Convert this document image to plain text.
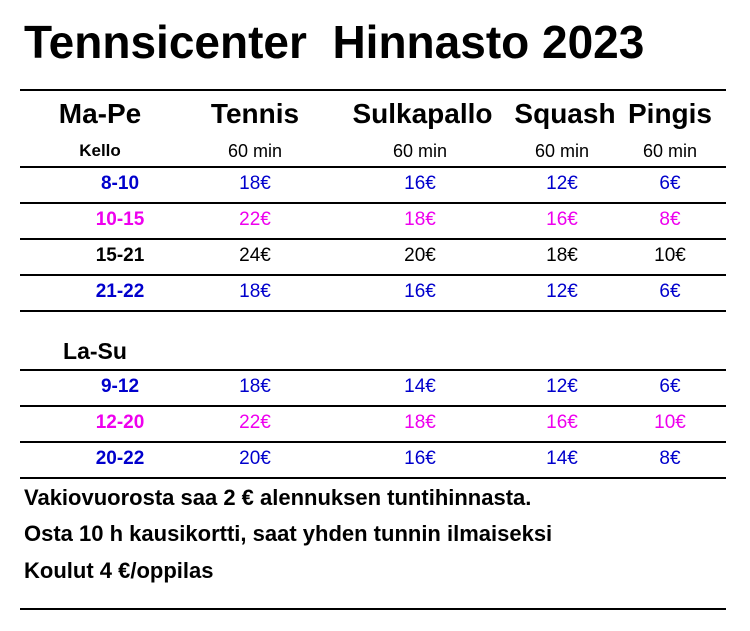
Tennsicenter  Hinnasto 2023
Ma-Pe	Tennis	Sulkapallo Squash Pingis
Kello	60 min	60 min	60 min	60 min
8-10	18€	16€	12€	6€
10-15	22€	18€	16€	8€
15-21	24€	20€	18€	10€
21-22	18€	16€	12€	6€
La-Su
9-12	18€	14€	12€	6€
12-20	22€	18€	16€	10€
20-22	20€	16€	14€	8€

Vakiovuorosta saa 2 € alennuksen tuntihinnasta.

Osta 10 h kausikortti, saat yhden tunnin ilmaiseksi

Koulut 4 €/oppilas
